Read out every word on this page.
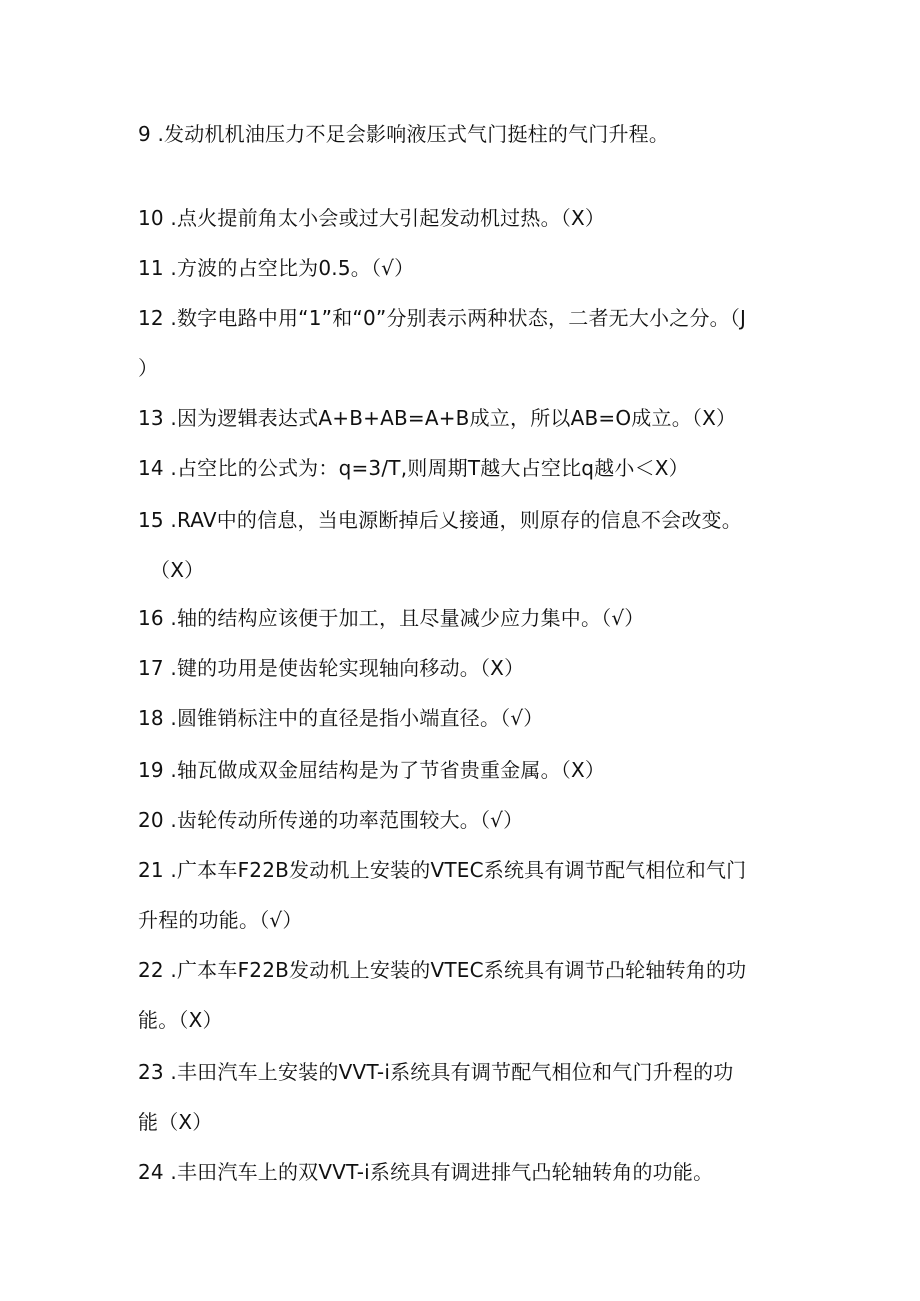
9 .发动机机油压力不足会影响液压式气门挺柱的气门升程。
10 .点火提前角太小会或过大引起发动机过热。（X）
11 .方波的占空比为0.5。（√）
12 .数字电路中用“1”和“0”分别表示两种状态，二者无大小之分。（J
）
13 .因为逻辑表达式A+B+AB=A+B成立，所以AB=O成立。（X）
14 .占空比的公式为：q=3/T,则周期T越大占空比q越小＜X）
15 .RAV中的信息，当电源断掉后乂接通，则原存的信息不会改变。
（X）
16 .轴的结构应该便于加工，且尽量减少应力集中。（√）
17 .键的功用是使齿轮实现轴向移动。（X）
18 .圆锥销标注中的直径是指小端直径。（√）
19 .轴瓦做成双金屈结构是为了节省贵重金属。（X）
20 .齿轮传动所传递的功率范围较大。（√）
21 .广本车F22B发动机上安装的VTEC系统具有调节配气相位和气门
升程的功能。（√）
22 .广本车F22B发动机上安装的VTEC系统具有调节凸轮轴转角的功
能。（X）
23 .丰田汽车上安装的VVT-i系统具有调节配气相位和气门升程的功
能（X）
24 .丰田汽车上的双VVT-i系统具有调进排气凸轮轴转角的功能。
